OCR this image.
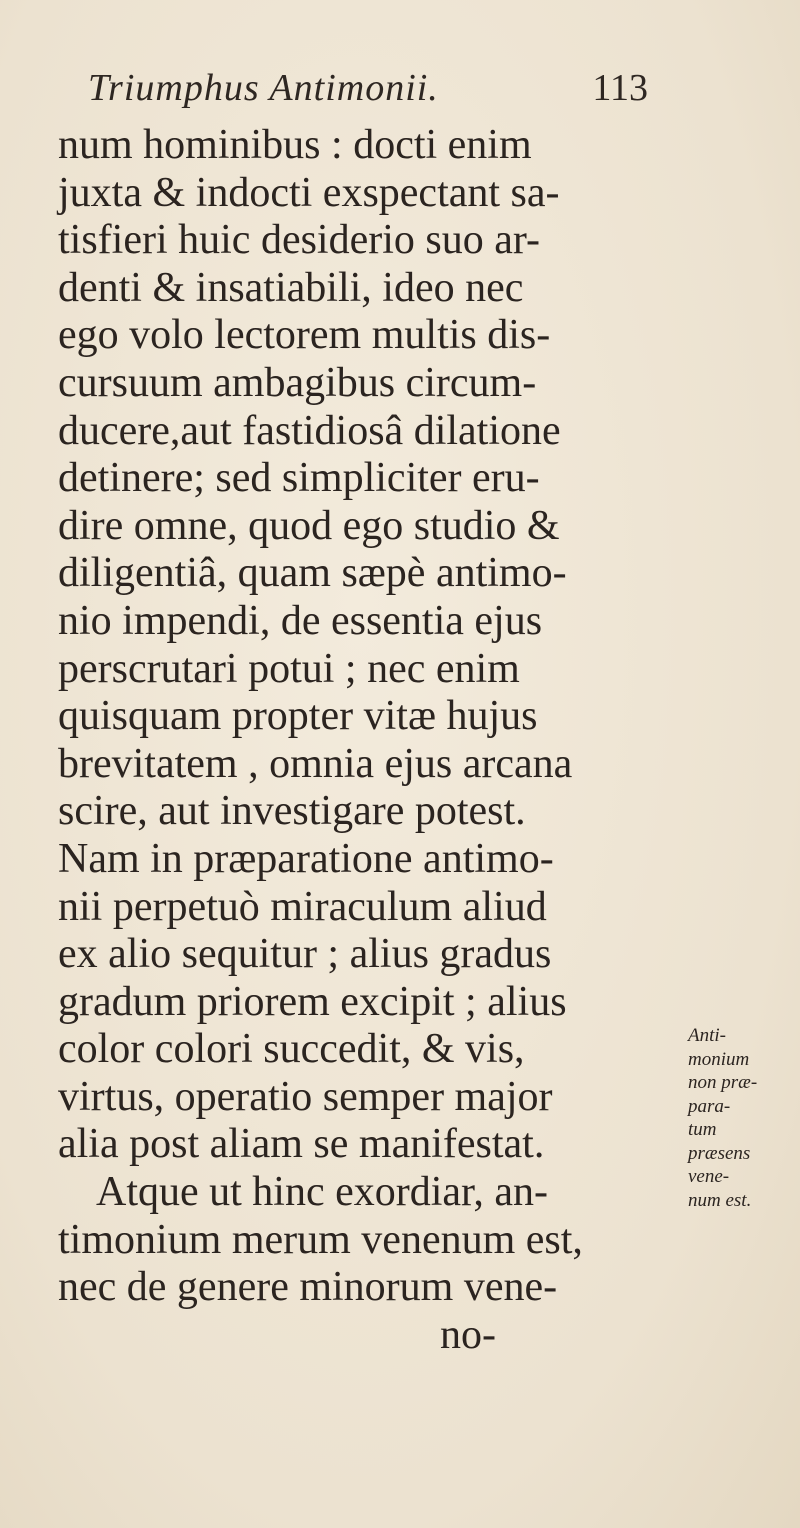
Triumphus Antimonii.	113
num hominibus : docti enim
juxta & indocti exspectant sa-
tisfieri huic desiderio suo ar-
denti & insatiabili, ideo nec
ego volo lectorem multis dis-
cursuum ambagibus circum-
ducere,aut fastidiosâ dilatione
detinere; sed simpliciter eru-
dire omne, quod ego studio &
diligentiâ, quam sæpè antimo-
nio impendi, de essentia ejus
perscrutari potui ; nec enim
quisquam propter vitæ hujus
brevitatem , omnia ejus arcana
scire, aut investigare potest.
Nam in præparatione antimo-
nii perpetuò miraculum aliud
ex alio sequitur ; alius gradus
gradum priorem excipit ; alius
color colori succedit, & vis,
virtus, operatio semper major
alia post aliam se manifestat.
Atque ut hinc exordiar, an-
timonium merum venenum est,
nec de genere minorum vene-
no-
Anti-
monium
non præ-
para-
tum
præsens
vene-
num est.
